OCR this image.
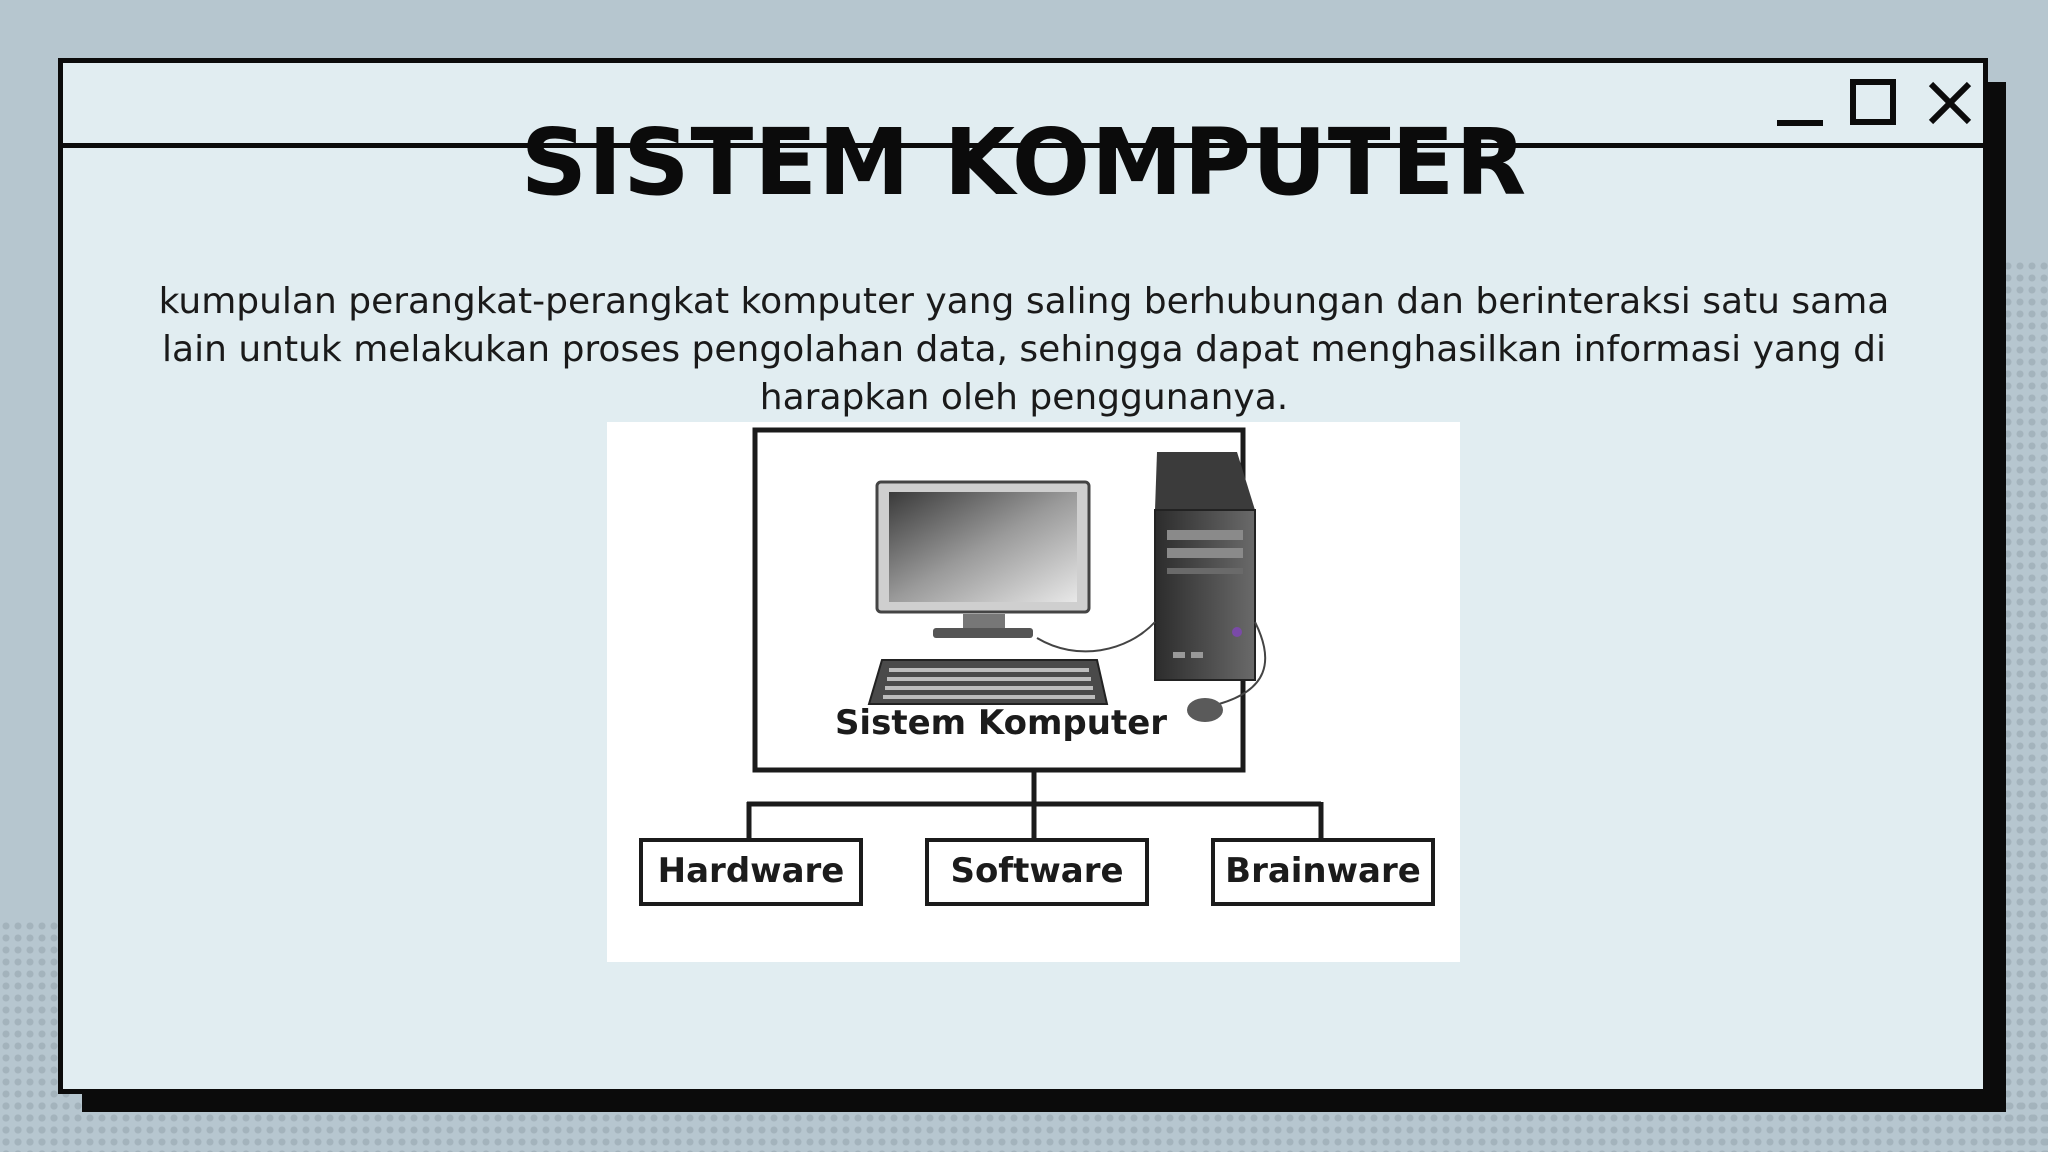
SISTEM KOMPUTER

kumpulan perangkat-perangkat komputer yang saling berhubungan dan berinteraksi satu sama lain untuk melakukan proses pengolahan data, sehingga dapat menghasilkan informasi yang di harapkan oleh penggunanya.

Sistem Komputer
Hardware	Software	Brainware
